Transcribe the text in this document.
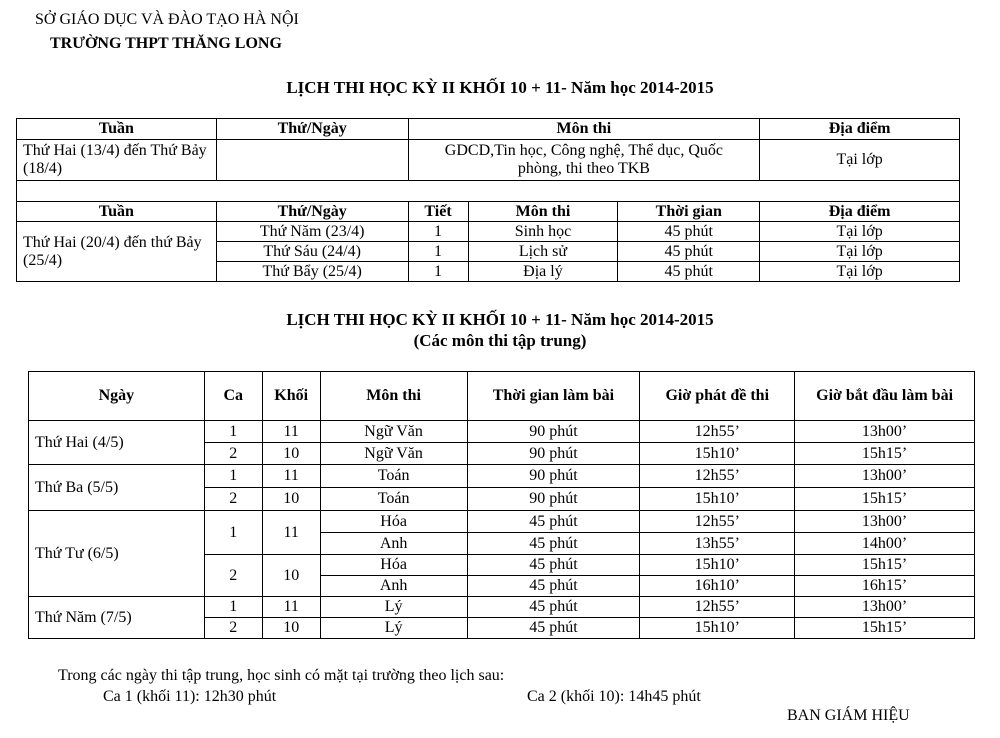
SỞ GIÁO DỤC VÀ ĐÀO TẠO HÀ NỘI
TRƯỜNG THPT THĂNG LONG
LỊCH THI HỌC KỲ II KHỐI 10 + 11- Năm học 2014-2015
Tuần	Thứ/Ngày	Môn thi			Địa điểm
Thứ Hai (13/4) đến Thứ Bảy (18/4)		GDCD,Tin học, Công nghệ, Thể dục, Quốc phòng, thi theo TKB			Tại lớp

Tuần	Thứ/Ngày	Tiết	Môn thi	Thời gian	Địa điểm
Thứ Hai (20/4) đến thứ Bảy (25/4)	Thứ Năm (23/4)	1	Sinh học	45 phút	Tại lớp
	Thứ Sáu (24/4)	1	Lịch sử	45 phút	Tại lớp
	Thứ Bẩy (25/4)	1	Địa lý	45 phút	Tại lớp
LỊCH THI HỌC KỲ II KHỐI 10 + 11- Năm học 2014-2015
(Các môn thi tập trung)
Ngày	Ca	Khối	Môn thi	Thời gian làm bài	Giờ phát đề thi	Giờ bắt đầu làm bài
Thứ Hai (4/5)	1	11	Ngữ Văn	90 phút	12h55’	13h00’
	2	10	Ngữ Văn	90 phút	15h10’	15h15’
Thứ Ba (5/5)	1	11	Toán	90 phút	12h55’	13h00’
	2	10	Toán	90 phút	15h10’	15h15’
Thứ Tư (6/5)	1	11	Hóa	45 phút	12h55’	13h00’
			Anh	45 phút	13h55’	14h00’
	2	10	Hóa	45 phút	15h10’	15h15’
			Anh	45 phút	16h10’	16h15’
Thứ Năm (7/5)	1	11	Lý	45 phút	12h55’	13h00’
	2	10	Lý	45 phút	15h10’	15h15’
Trong các ngày thi tập trung, học sinh có mặt tại trường theo lịch sau:
Ca 1 (khối 11): 12h30 phút	Ca 2 (khối 10): 14h45 phút
BAN GIÁM HIỆU
